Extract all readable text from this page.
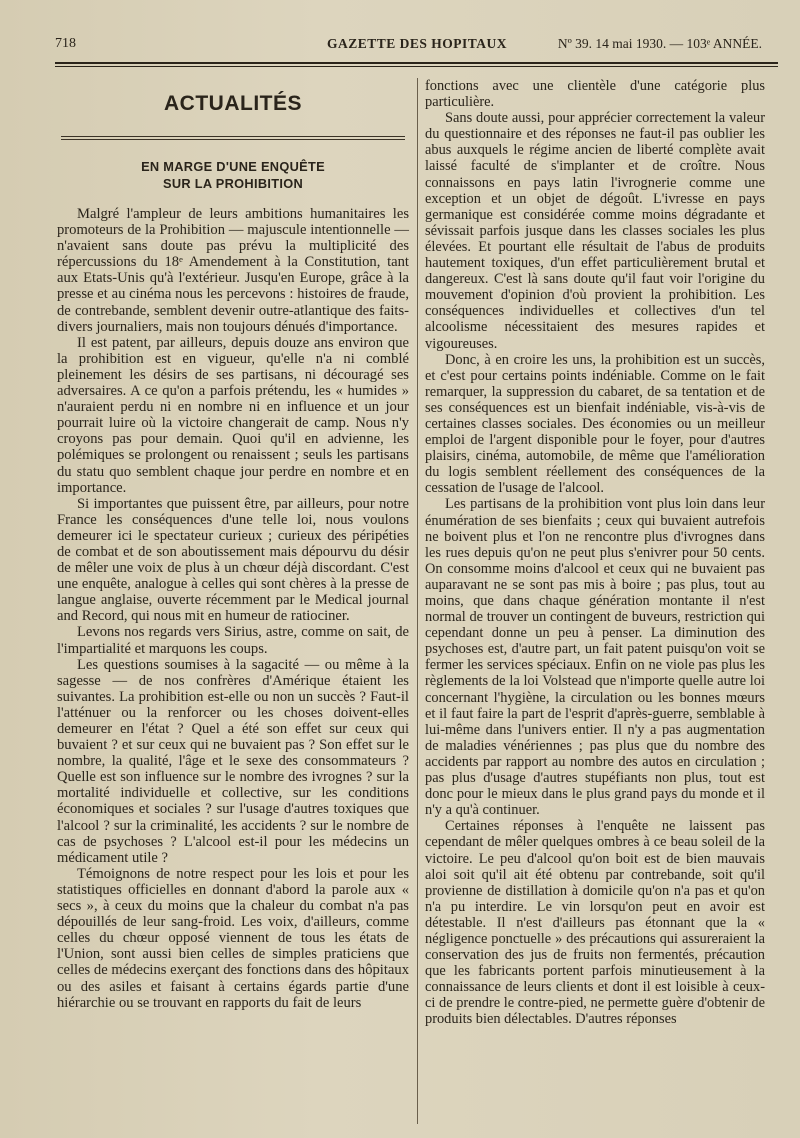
718	GAZETTE DES HOPITAUX	Nº 39. 14 mai 1930. — 103ᵉ ANNÉE.
ACTUALITÉS
EN MARGE D'UNE ENQUÊTE
SUR LA PROHIBITION

Malgré l'ampleur de leurs ambitions humanitaires les promoteurs de la Prohibition — majuscule intentionnelle — n'avaient sans doute pas prévu la multiplicité des répercussions du 18ᵉ Amendement à la Constitution, tant aux Etats-Unis qu'à l'extérieur. Jusqu'en Europe, grâce à la presse et au cinéma nous les percevons : histoires de fraude, de contrebande, semblent devenir outre-atlantique des faits-divers journaliers, mais non toujours dénués d'importance.

Il est patent, par ailleurs, depuis douze ans environ que la prohibition est en vigueur, qu'elle n'a ni comblé pleinement les désirs de ses partisans, ni découragé ses adversaires. A ce qu'on a parfois prétendu, les « humides » n'auraient perdu ni en nombre ni en influence et un jour pourrait luire où la victoire changerait de camp. Nous n'y croyons pas pour demain. Quoi qu'il en advienne, les polémiques se prolongent ou renaissent ; seuls les partisans du statu quo semblent chaque jour perdre en nombre et en importance.

Si importantes que puissent être, par ailleurs, pour notre France les conséquences d'une telle loi, nous voulons demeurer ici le spectateur curieux ; curieux des péripéties de combat et de son aboutissement mais dépourvu du désir de mêler une voix de plus à un chœur déjà discordant. C'est une enquête, analogue à celles qui sont chères à la presse de langue anglaise, ouverte récemment par le Medical journal and Record, qui nous mit en humeur de ratiociner.

Levons nos regards vers Sirius, astre, comme on sait, de l'impartialité et marquons les coups.

Les questions soumises à la sagacité — ou même à la sagesse — de nos confrères d'Amérique étaient les suivantes. La prohibition est-elle ou non un succès ? Faut-il l'atténuer ou la renforcer ou les choses doivent-elles demeurer en l'état ? Quel a été son effet sur ceux qui buvaient ? et sur ceux qui ne buvaient pas ? Son effet sur le nombre, la qualité, l'âge et le sexe des consommateurs ? Quelle est son influence sur le nombre des ivrognes ? sur la mortalité individuelle et collective, sur les conditions économiques et sociales ? sur l'usage d'autres toxiques que l'alcool ? sur la criminalité, les accidents ? sur le nombre de cas de psychoses ? L'alcool est-il pour les médecins un médicament utile ?

Témoignons de notre respect pour les lois et pour les statistiques officielles en donnant d'abord la parole aux « secs », à ceux du moins que la chaleur du combat n'a pas dépouillés de leur sang-froid. Les voix, d'ailleurs, comme celles du chœur opposé viennent de tous les états de l'Union, sont aussi bien celles de simples praticiens que celles de médecins exerçant des fonctions dans des hôpitaux ou des asiles et faisant à certains égards partie d'une hiérarchie ou se trouvant en rapports du fait de leurs

fonctions avec une clientèle d'une catégorie plus particulière.

Sans doute aussi, pour apprécier correctement la valeur du questionnaire et des réponses ne faut-il pas oublier les abus auxquels le régime ancien de liberté complète avait laissé faculté de s'implanter et de croître. Nous connaissons en pays latin l'ivrognerie comme une exception et un objet de dégoût. L'ivresse en pays germanique est considérée comme moins dégradante et sévissait parfois jusque dans les classes sociales les plus élevées. Et pourtant elle résultait de l'abus de produits hautement toxiques, d'un effet particulièrement brutal et dangereux. C'est là sans doute qu'il faut voir l'origine du mouvement d'opinion d'où provient la prohibition. Les conséquences individuelles et collectives d'un tel alcoolisme nécessitaient des mesures rapides et vigoureuses.

Donc, à en croire les uns, la prohibition est un succès, et c'est pour certains points indéniable. Comme on le fait remarquer, la suppression du cabaret, de sa tentation et de ses conséquences est un bienfait indéniable, vis-à-vis de certaines classes sociales. Des économies ou un meilleur emploi de l'argent disponible pour le foyer, pour d'autres plaisirs, cinéma, automobile, de même que l'amélioration du logis semblent réellement des conséquences de la cessation de l'usage de l'alcool.

Les partisans de la prohibition vont plus loin dans leur énumération de ses bienfaits ; ceux qui buvaient autrefois ne boivent plus et l'on ne rencontre plus d'ivrognes dans les rues depuis qu'on ne peut plus s'enivrer pour 50 cents. On consomme moins d'alcool et ceux qui ne buvaient pas auparavant ne se sont pas mis à boire ; pas plus, tout au moins, que dans chaque génération montante il n'est normal de trouver un contingent de buveurs, restriction qui cependant donne un peu à penser. La diminution des psychoses est, d'autre part, un fait patent puisqu'on voit se fermer les services spéciaux. Enfin on ne viole pas plus les règlements de la loi Volstead que n'importe quelle autre loi concernant l'hygiène, la circulation ou les bonnes mœurs et il faut faire la part de l'esprit d'après-guerre, semblable à lui-même dans l'univers entier. Il n'y a pas augmentation de maladies vénériennes ; pas plus que du nombre des accidents par rapport au nombre des autos en circulation ; pas plus d'usage d'autres stupéfiants non plus, tout est donc pour le mieux dans le plus grand pays du monde et il n'y a qu'à continuer.

Certaines réponses à l'enquête ne laissent pas cependant de mêler quelques ombres à ce beau soleil de la victoire. Le peu d'alcool qu'on boit est de bien mauvais aloi soit qu'il ait été obtenu par contrebande, soit qu'il provienne de distillation à domicile qu'on n'a pas et qu'on n'a pu interdire. Le vin lorsqu'on peut en avoir est détestable. Il n'est d'ailleurs pas étonnant que la « négligence ponctuelle » des précautions qui assureraient la conservation des jus de fruits non fermentés, précaution que les fabricants portent parfois minutieusement à la connaissance de leurs clients et dont il est loisible à ceux-ci de prendre le contre-pied, ne permette guère d'obtenir de produits bien délectables. D'autres réponses
